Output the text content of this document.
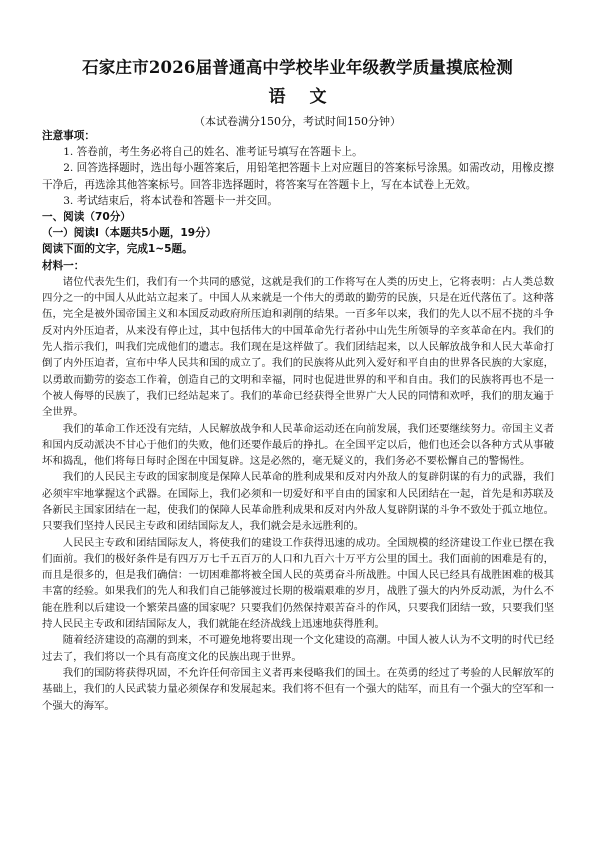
石家庄市2026届普通高中学校毕业年级教学质量摸底检测
语文
（本试卷满分150分，考试时间150分钟）

注意事项：

1. 答卷前，考生务必将自己的姓名、准考证号填写在答题卡上。

2. 回答选择题时，选出每小题答案后，用铅笔把答题卡上对应题目的答案标号涂黑。如需改动，用橡皮擦干净后，再选涂其他答案标号。回答非选择题时，将答案写在答题卡上，写在本试卷上无效。

3. 考试结束后，将本试卷和答题卡一并交回。

一、阅读（70分）

（一）阅读Ⅰ（本题共5小题，19分）

阅读下面的文字，完成1~5题。

材料一：

诸位代表先生们，我们有一个共同的感觉，这就是我们的工作将写在人类的历史上，它将表明：占人类总数四分之一的中国人从此站立起来了。中国人从来就是一个伟大的勇敢的勤劳的民族，只是在近代落伍了。这种落伍，完全是被外国帝国主义和本国反动政府所压迫和剥削的结果。一百多年以来，我们的先人以不屈不挠的斗争反对内外压迫者，从来没有停止过，其中包括伟大的中国革命先行者孙中山先生所领导的辛亥革命在内。我们的先人指示我们，叫我们完成他们的遗志。我们现在是这样做了。我们团结起来，以人民解放战争和人民大革命打倒了内外压迫者，宣布中华人民共和国的成立了。我们的民族将从此列入爱好和平自由的世界各民族的大家庭，以勇敢而勤劳的姿态工作着，创造自己的文明和幸福，同时也促进世界的和平和自由。我们的民族将再也不是一个被人侮辱的民族了，我们已经站起来了。我们的革命已经获得全世界广大人民的同情和欢呼，我们的朋友遍于全世界。

我们的革命工作还没有完结，人民解放战争和人民革命运动还在向前发展，我们还要继续努力。帝国主义者和国内反动派决不甘心于他们的失败，他们还要作最后的挣扎。在全国平定以后，他们也还会以各种方式从事破坏和捣乱，他们将每日每时企图在中国复辟。这是必然的，毫无疑义的，我们务必不要松懈自己的警惕性。

我们的人民民主专政的国家制度是保障人民革命的胜利成果和反对内外敌人的复辟阴谋的有力的武器，我们必须牢牢地掌握这个武器。在国际上，我们必须和一切爱好和平自由的国家和人民团结在一起，首先是和苏联及各新民主国家团结在一起，使我们的保障人民革命胜利成果和反对内外敌人复辟阴谋的斗争不致处于孤立地位。只要我们坚持人民民主专政和团结国际友人，我们就会是永远胜利的。

人民民主专政和团结国际友人，将使我们的建设工作获得迅速的成功。全国规模的经济建设工作业已摆在我们面前。我们的极好条件是有四万万七千五百万的人口和九百六十万平方公里的国土。我们面前的困难是有的，而且是很多的，但是我们确信：一切困难都将被全国人民的英勇奋斗所战胜。中国人民已经具有战胜困难的极其丰富的经验。如果我们的先人和我们自己能够渡过长期的极端艰难的岁月，战胜了强大的内外反动派，为什么不能在胜利以后建设一个繁荣昌盛的国家呢？只要我们仍然保持艰苦奋斗的作风，只要我们团结一致，只要我们坚持人民民主专政和团结国际友人，我们就能在经济战线上迅速地获得胜利。

随着经济建设的高潮的到来，不可避免地将要出现一个文化建设的高潮。中国人被人认为不文明的时代已经过去了，我们将以一个具有高度文化的民族出现于世界。

我们的国防将获得巩固，不允许任何帝国主义者再来侵略我们的国土。在英勇的经过了考验的人民解放军的基础上，我们的人民武装力量必须保存和发展起来。我们将不但有一个强大的陆军，而且有一个强大的空军和一个强大的海军。
